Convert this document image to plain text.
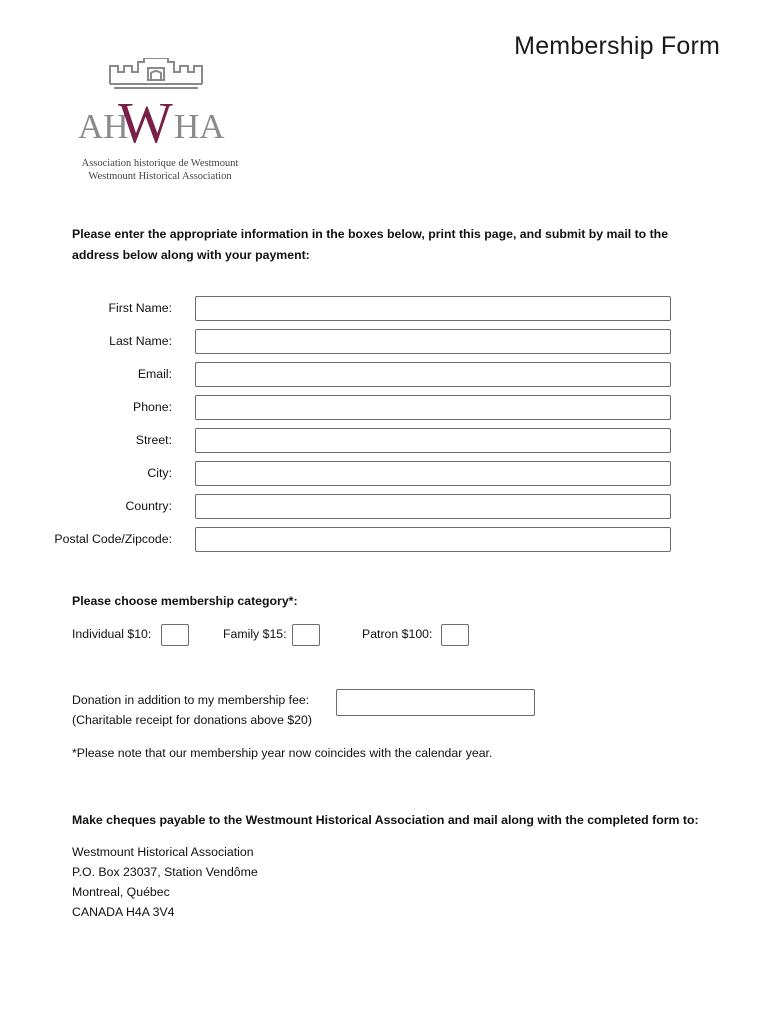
Membership Form
AH
W HA
Association historique de Westmount
Westmount Historical Association
Please enter the appropriate information in the boxes below, print this page, and submit by mail to the address below along with your payment:
First Name:
Last Name:
Email:
Phone:
Street:
City:
Country:
Postal Code/Zipcode:
Please choose membership category*:
Individual $10:	Family $15:	Patron $100:
Donation in addition to my membership fee:
(Charitable receipt for donations above $20)
*Please note that our membership year now coincides with the calendar year.
Make cheques payable to the Westmount Historical Association and mail along with the completed form to:
Westmount Historical Association
P.O. Box 23037, Station Vendôme
Montreal, Québec
CANADA H4A 3V4
